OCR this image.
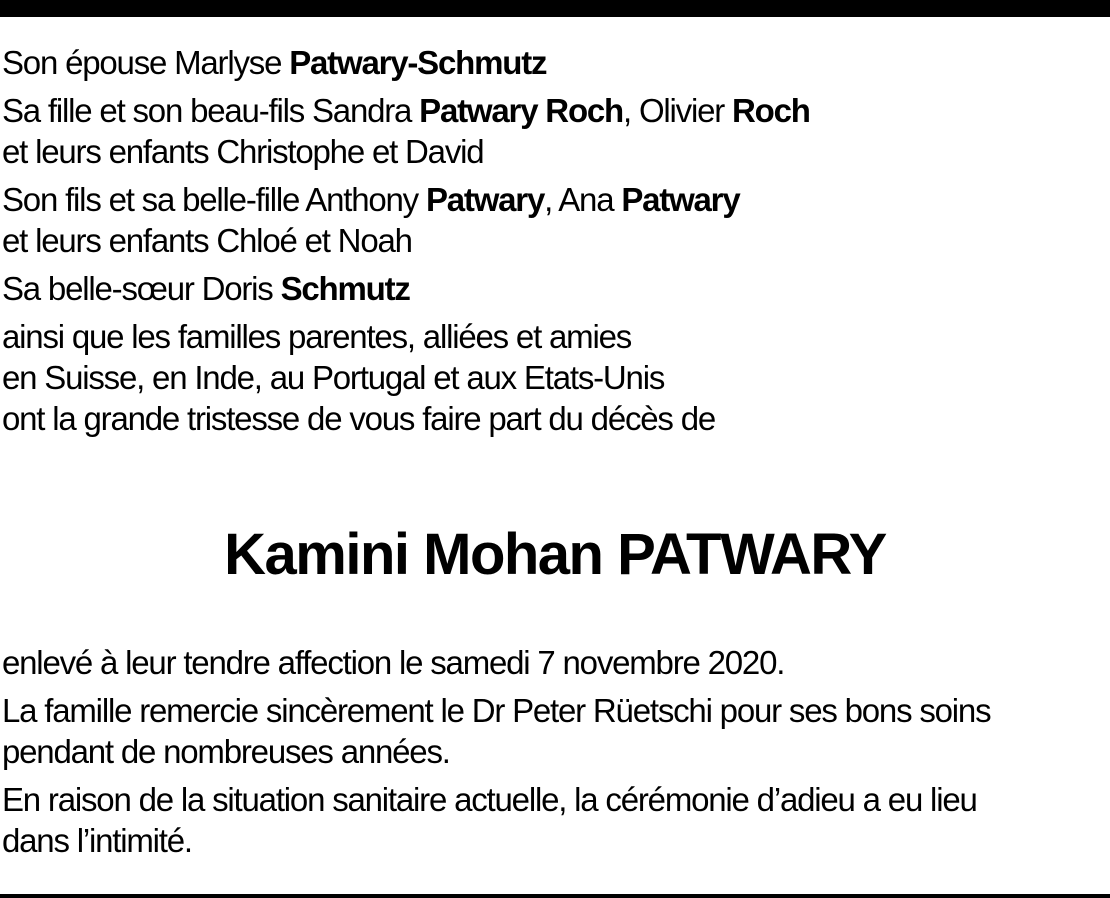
Son épouse Marlyse Patwary-Schmutz
Sa fille et son beau-fils Sandra Patwary Roch, Olivier Roch
et leurs enfants Christophe et David
Son fils et sa belle-fille Anthony Patwary, Ana Patwary
et leurs enfants Chloé et Noah
Sa belle-sœur Doris Schmutz
ainsi que les familles parentes, alliées et amies
en Suisse, en Inde, au Portugal et aux Etats-Unis
ont la grande tristesse de vous faire part du décès de
Kamini Mohan PATWARY
enlevé à leur tendre affection le samedi 7 novembre 2020.
La famille remercie sincèrement le Dr Peter Rüetschi pour ses bons soins
pendant de nombreuses années.
En raison de la situation sanitaire actuelle, la cérémonie d’adieu a eu lieu
dans l’intimité.
